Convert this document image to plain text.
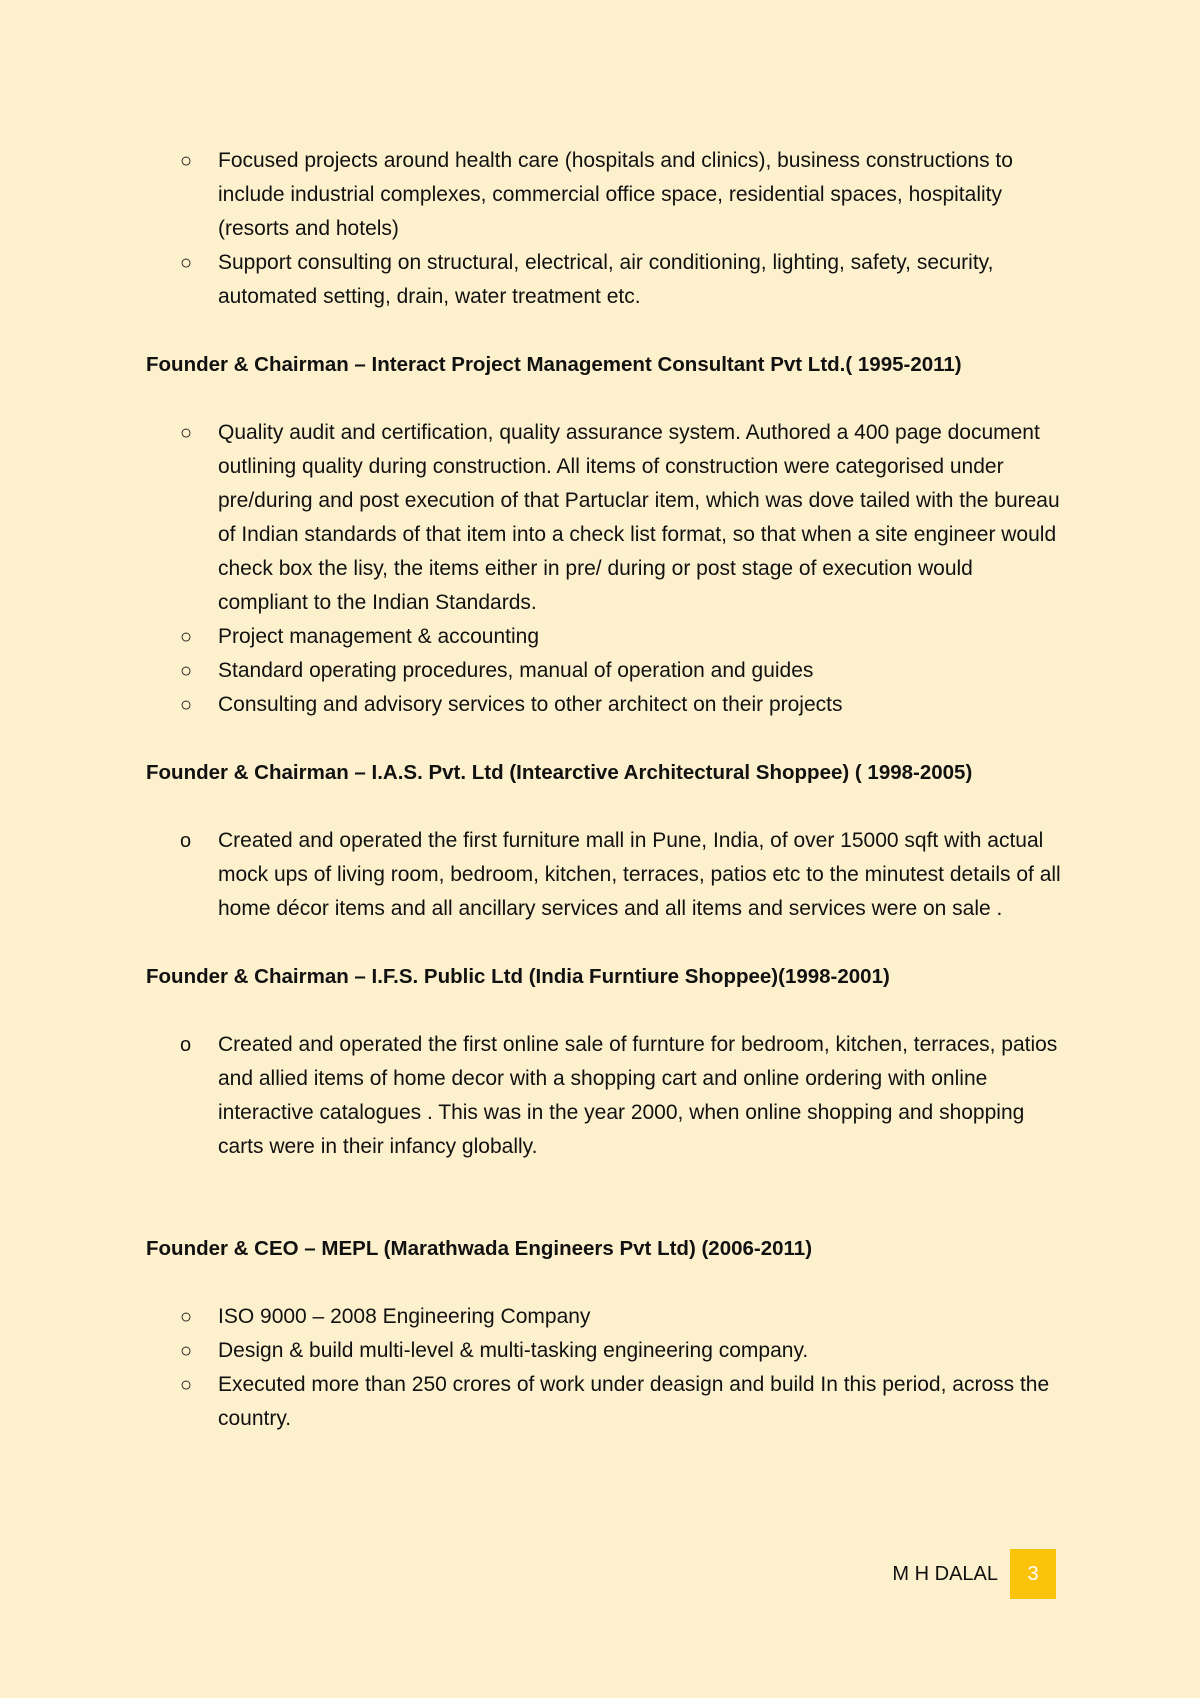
○ Focused projects around health care (hospitals and clinics), business constructions to include industrial complexes, commercial office space, residential spaces, hospitality (resorts and hotels)
○ Support consulting on structural, electrical, air conditioning, lighting, safety, security, automated setting, drain, water treatment etc.

Founder & Chairman – Interact Project Management Consultant Pvt Ltd.( 1995-2011)

○ Quality audit and certification, quality assurance system. Authored a 400 page document outlining quality during construction. All items of construction were categorised under pre/during and post execution of that Partuclar item, which was dove tailed with the bureau of Indian standards of that item into a check list format, so that when a site engineer would check box the lisy, the items either in pre/ during or post stage of execution would compliant to the Indian Standards.
○ Project management & accounting
○ Standard operating procedures, manual of operation and guides
○ Consulting and advisory services to other architect on their projects

Founder & Chairman – I.A.S. Pvt. Ltd (Intearctive Architectural Shoppee) ( 1998-2005)

o Created and operated the first furniture mall in Pune, India, of over 15000 sqft with actual mock ups of living room, bedroom, kitchen, terraces, patios etc to the minutest details of all home décor items and all ancillary services and all items and services were on sale .

Founder & Chairman – I.F.S. Public Ltd (India Furntiure Shoppee)(1998-2001)

o Created and operated the first online sale of furnture for bedroom, kitchen, terraces, patios and allied items of home decor with a shopping cart and online ordering with online interactive catalogues . This was in the year 2000, when online shopping and shopping carts were in their infancy globally.

Founder & CEO – MEPL (Marathwada Engineers Pvt Ltd) (2006-2011)

○ ISO 9000 – 2008 Engineering Company
○ Design & build multi-level & multi-tasking engineering company.
○ Executed more than 250 crores of work under deasign and build In this period, across the country.
M H DALAL	3
